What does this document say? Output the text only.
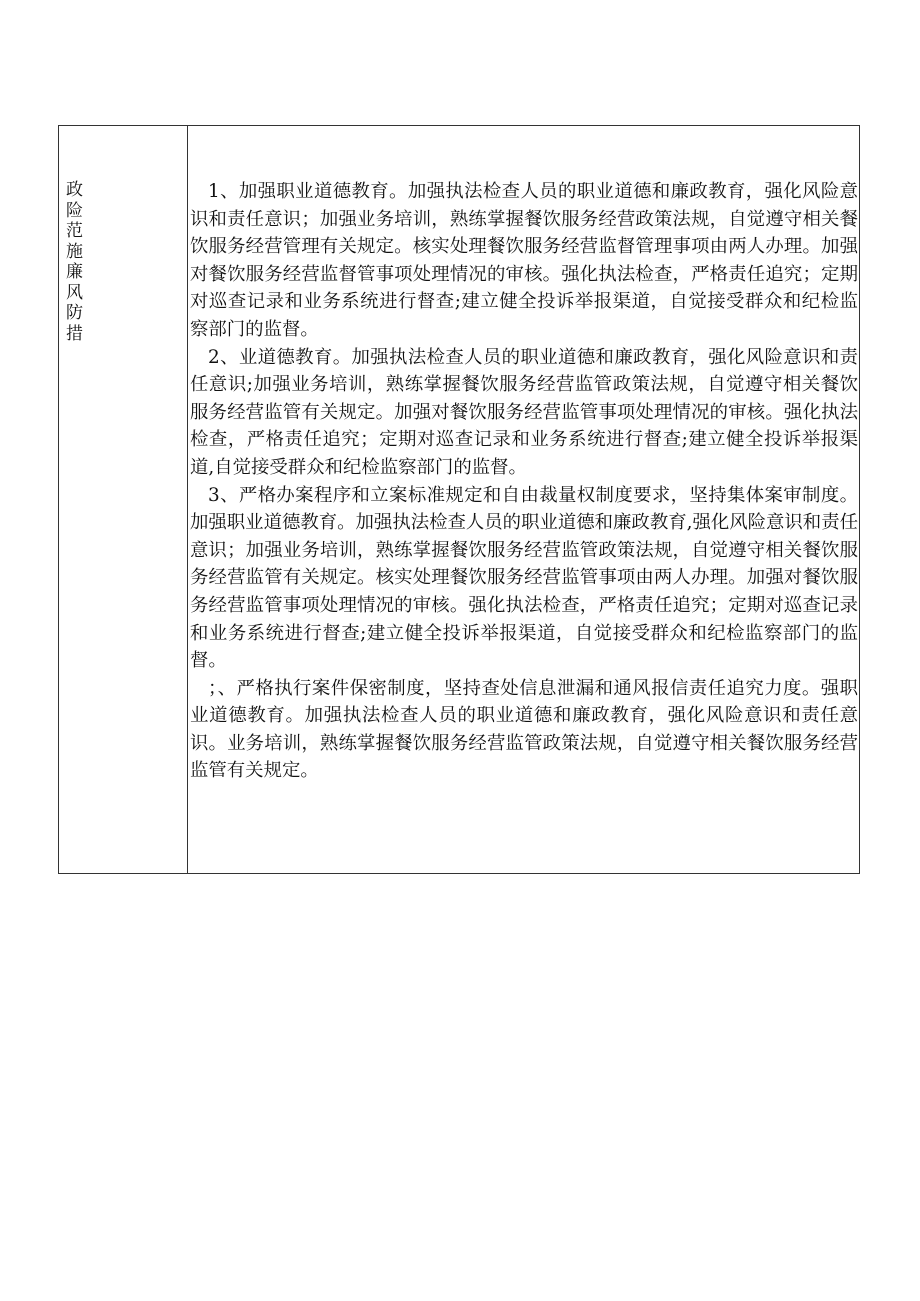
政险范施廉风防措

1、加强职业道德教育。加强执法检查人员的职业道德和廉政教育，强化风险意识和责任意识；加强业务培训，熟练掌握餐饮服务经营政策法规，自觉遵守相关餐饮服务经营管理有关规定。核实处理餐饮服务经营监督管理事项由两人办理。加强对餐饮服务经营监督管事项处理情况的审核。强化执法检查，严格责任追究；定期对巡查记录和业务系统进行督查;建立健全投诉举报渠道，自觉接受群众和纪检监察部门的监督。

2、业道德教育。加强执法检查人员的职业道德和廉政教育，强化风险意识和责任意识;加强业务培训，熟练掌握餐饮服务经营监管政策法规，自觉遵守相关餐饮服务经营监管有关规定。加强对餐饮服务经营监管事项处理情况的审核。强化执法检查，严格责任追究；定期对巡查记录和业务系统进行督查;建立健全投诉举报渠道,自觉接受群众和纪检监察部门的监督。

3、严格办案程序和立案标准规定和自由裁量权制度要求，坚持集体案审制度。加强职业道德教育。加强执法检查人员的职业道德和廉政教育,强化风险意识和责任意识；加强业务培训，熟练掌握餐饮服务经营监管政策法规，自觉遵守相关餐饮服务经营监管有关规定。核实处理餐饮服务经营监管事项由两人办理。加强对餐饮服务经营监管事项处理情况的审核。强化执法检查，严格责任追究；定期对巡查记录和业务系统进行督查;建立健全投诉举报渠道，自觉接受群众和纪检监察部门的监督。

；、严格执行案件保密制度，坚持查处信息泄漏和通风报信责任追究力度。强职业道德教育。加强执法检查人员的职业道德和廉政教育，强化风险意识和责任意识。业务培训，熟练掌握餐饮服务经营监管政策法规，自觉遵守相关餐饮服务经营监管有关规定。
